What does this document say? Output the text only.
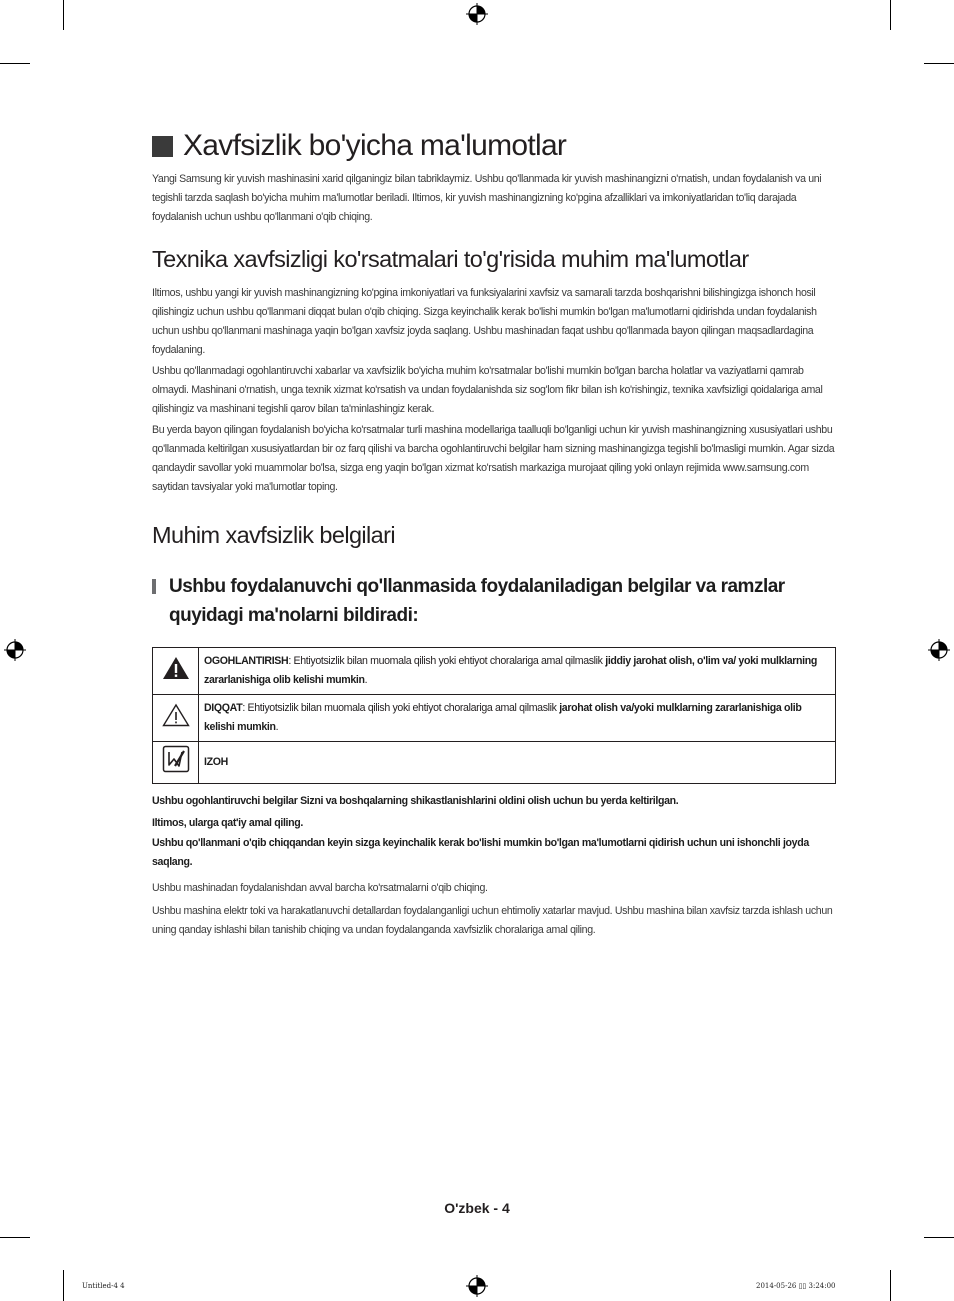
Xavfsizlik bo'yicha ma'lumotlar

Yangi Samsung kir yuvish mashinasini xarid qilganingiz bilan tabriklaymiz. Ushbu qo'llanmada kir yuvish mashinangizni o'rnatish, undan foydalanish va uni tegishli tarzda saqlash bo'yicha muhim ma'lumotlar beriladi. Iltimos, kir yuvish mashinangizning ko'pgina afzalliklari va imkoniyatlaridan to'liq darajada foydalanish uchun ushbu qo'llanmani o'qib chiqing.

Texnika xavfsizligi ko'rsatmalari to'g'risida muhim ma'lumotlar

Iltimos, ushbu yangi kir yuvish mashinangizning ko'pgina imkoniyatlari va funksiyalarini xavfsiz va samarali tarzda boshqarishni bilishingizga ishonch hosil qilishingiz uchun ushbu qo'llanmani diqqat bulan o'qib chiqing. Sizga keyinchalik kerak bo'lishi mumkin bo'lgan ma'lumotlarni qidirishda undan foydalanish uchun ushbu qo'llanmani mashinaga yaqin bo'lgan xavfsiz joyda saqlang. Ushbu mashinadan faqat ushbu qo'llanmada bayon qilingan maqsadlardagina foydalaning.

Ushbu qo'llanmadagi ogohlantiruvchi xabarlar va xavfsizlik bo'yicha muhim ko'rsatmalar bo'lishi mumkin bo'lgan barcha holatlar va vaziyatlarni qamrab olmaydi. Mashinani o'rnatish, unga texnik xizmat ko'rsatish va undan foydalanishda siz sog'lom fikr bilan ish ko'rishingiz, texnika xavfsizligi qoidalariga amal qilishingiz va mashinani tegishli qarov bilan ta'minlashingiz kerak.

Bu yerda bayon qilingan foydalanish bo'yicha ko'rsatmalar turli mashina modellariga taalluqli bo'lganligi uchun kir yuvish mashinangizning xususiyatlari ushbu qo'llanmada keltirilgan xususiyatlardan bir oz farq qilishi va barcha ogohlantiruvchi belgilar ham sizning mashinangizga tegishli bo'lmasligi mumkin. Agar sizda qandaydir savollar yoki muammolar bo'lsa, sizga eng yaqin bo'lgan xizmat ko'rsatish markaziga murojaat qiling yoki onlayn rejimida www.samsung.com saytidan tavsiyalar yoki ma'lumotlar toping.

Muhim xavfsizlik belgilari

Ushbu foydalanuvchi qo'llanmasida foydalaniladigan belgilar va ramzlar quyidagi ma'nolarni bildiradi:

	OGOHLANTIRISH: Ehtiyotsizlik bilan muomala qilish yoki ehtiyot choralariga amal qilmaslik jiddiy jarohat olish, o'lim va/ yoki mulklarning zararlanishiga olib kelishi mumkin.
	DIQQAT: Ehtiyotsizlik bilan muomala qilish yoki ehtiyot choralariga amal qilmaslik jarohat olish va/yoki mulklarning zararlanishiga olib kelishi mumkin.
	IZOH

Ushbu ogohlantiruvchi belgilar Sizni va boshqalarning shikastlanishlarini oldini olish uchun bu yerda keltirilgan.

Iltimos, ularga qat'iy amal qiling.

Ushbu qo'llanmani o'qib chiqqandan keyin sizga keyinchalik kerak bo'lishi mumkin bo'lgan ma'lumotlarni qidirish uchun uni ishonchli joyda saqlang.

Ushbu mashinadan foydalanishdan avval barcha ko'rsatmalarni o'qib chiqing.

Ushbu mashina elektr toki va harakatlanuvchi detallardan foydalanganligi uchun ehtimoliy xatarlar mavjud. Ushbu mashina bilan xavfsiz tarzda ishlash uchun uning qanday ishlashi bilan tanishib chiqing va undan foydalanganda xavfsizlik choralariga amal qiling.

O'zbek - 4
Untitled-4 4	2014-05-26 ▯▯ 3:24:00
